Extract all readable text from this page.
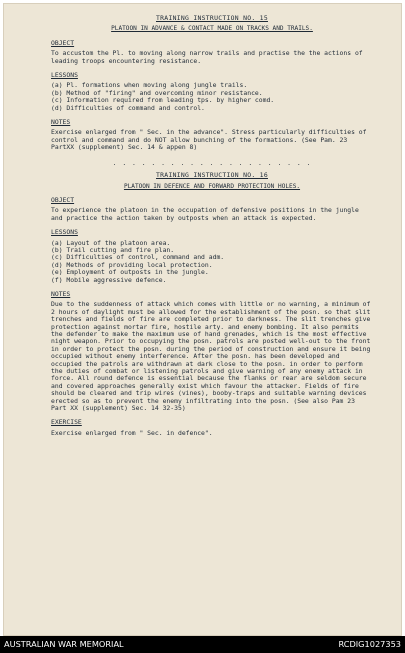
TRAINING INSTRUCTION NO. 15
PLATOON IN ADVANCE & CONTACT MADE ON TRACKS AND TRAILS.
OBJECT

To accustom the Pl. to moving along narrow trails and practise the the actions of leading troops encountering resistance.

LESSONS
(a) Pl. formations when moving along jungle trails.
(b) Method of "firing" and overcoming minor resistance.
(c) Information required from leading tps. by higher comd.
(d) Difficulties of command and control.
NOTES

Exercise enlarged from " Sec. in the advance". Stress particularly difficulties of control and command and do NOT allow bunching of the formations. (See Pam. 23 PartXX (supplement) Sec. 14 & appen 8)

. . . . . . . . . . . . . . . . . . . . .
TRAINING INSTRUCTION NO. 16
PLATOON IN DEFENCE AND FORWARD PROTECTION HOLES.
OBJECT

To experience the platoon in the occupation of defensive positions in the jungle and practice the action taken by outposts when an attack is expected.

LESSONS
(a) Layout of the platoon area.
(b) Trail cutting and fire plan.
(c) Difficulties of control, command and adm.
(d) Methods of providing local protection.
(e) Employment of outposts in the jungle.
(f) Mobile aggressive defence.
NOTES

Due to the suddenness of attack which comes with little or no warning, a minimum of 2 hours of daylight must be allowed for the establishment of the posn. so that slit trenches and fields of fire are completed prior to darkness. The slit trenches give protection against mortar fire, hostile arty. and enemy bombing. It also permits the defender to make the maximum use of hand grenades, which is the most effective night weapon. Prior to occupying the posn. patrols are posted well-out to the front in order to protect the posn. during the period of construction and ensure it being occupied without enemy interference. After the posn. has been developed and occupied the patrols are withdrawn at dark close to the posn. in order to perform the duties of combat or listening patrols and give warning of any enemy attack in force. All round defence is essential because the flanks or rear are seldom secure and covered approaches generally exist which favour the attacker. Fields of fire should be cleared and trip wires (vines), booby-traps and suitable warning devices erected so as to prevent the enemy infiltrating into the posn. (See also Pam 23 Part XX (supplement) Sec. 14 32-35)

EXERCISE

Exercise enlarged from " Sec. in defence".

AUSTRALIAN WAR MEMORIAL	RCDIG1027353
